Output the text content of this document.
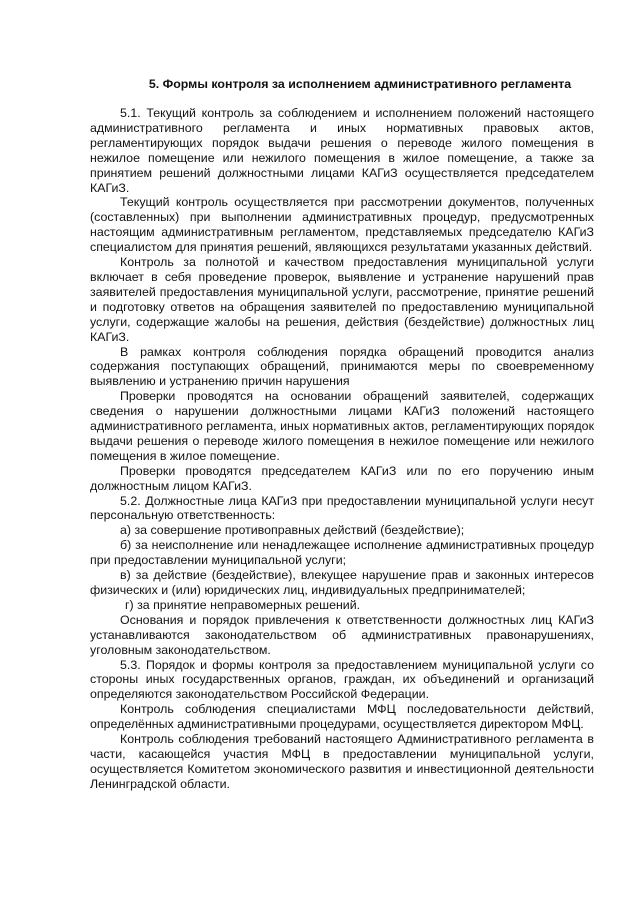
5. Формы контроля за исполнением административного регламента

5.1. Текущий контроль за соблюдением и исполнением положений настоящего административного регламента и иных нормативных правовых актов, регламентирующих порядок выдачи решения о переводе жилого помещения в нежилое помещение или нежилого помещения в жилое помещение, а также за принятием решений должностными лицами КАГиЗ осуществляется председателем КАГиЗ.

Текущий контроль осуществляется при рассмотрении документов, полученных (составленных) при выполнении административных процедур, предусмотренных настоящим административным регламентом, представляемых председателю КАГиЗ специалистом для принятия решений, являющихся результатами указанных действий.

Контроль за полнотой и качеством предоставления муниципальной услуги включает в себя проведение проверок, выявление и устранение нарушений прав заявителей предоставления муниципальной услуги, рассмотрение, принятие решений и подготовку ответов на обращения заявителей по предоставлению муниципальной услуги, содержащие жалобы на решения, действия (бездействие) должностных лиц КАГиЗ.

В рамках контроля соблюдения порядка обращений проводится анализ содержания поступающих обращений, принимаются меры по своевременному выявлению и устранению причин нарушения

Проверки проводятся на основании обращений заявителей, содержащих сведения о нарушении должностными лицами КАГиЗ положений настоящего административного регламента, иных нормативных актов, регламентирующих порядок выдачи решения о переводе жилого помещения в нежилое помещение или нежилого помещения в жилое помещение.

Проверки проводятся председателем КАГиЗ или по его поручению иным должностным лицом КАГиЗ.

5.2. Должностные лица КАГиЗ при предоставлении муниципальной услуги несут персональную ответственность:

а) за совершение противоправных действий (бездействие);

б) за неисполнение или ненадлежащее исполнение административных процедур при предоставлении муниципальной услуги;

в) за действие (бездействие), влекущее нарушение прав и законных интересов физических и (или) юридических лиц, индивидуальных предпринимателей;

г) за принятие неправомерных решений.

Основания и порядок привлечения к ответственности должностных лиц КАГиЗ устанавливаются законодательством об административных правонарушениях, уголовным законодательством.

5.3. Порядок и формы контроля за предоставлением муниципальной услуги со стороны иных государственных органов, граждан, их объединений и организаций определяются законодательством Российской Федерации.

Контроль соблюдения специалистами МФЦ последовательности действий, определённых административными процедурами, осуществляется директором МФЦ.

Контроль соблюдения требований настоящего Административного регламента в части, касающейся участия МФЦ в предоставлении муниципальной услуги, осуществляется Комитетом экономического развития и инвестиционной деятельности Ленинградской области.
